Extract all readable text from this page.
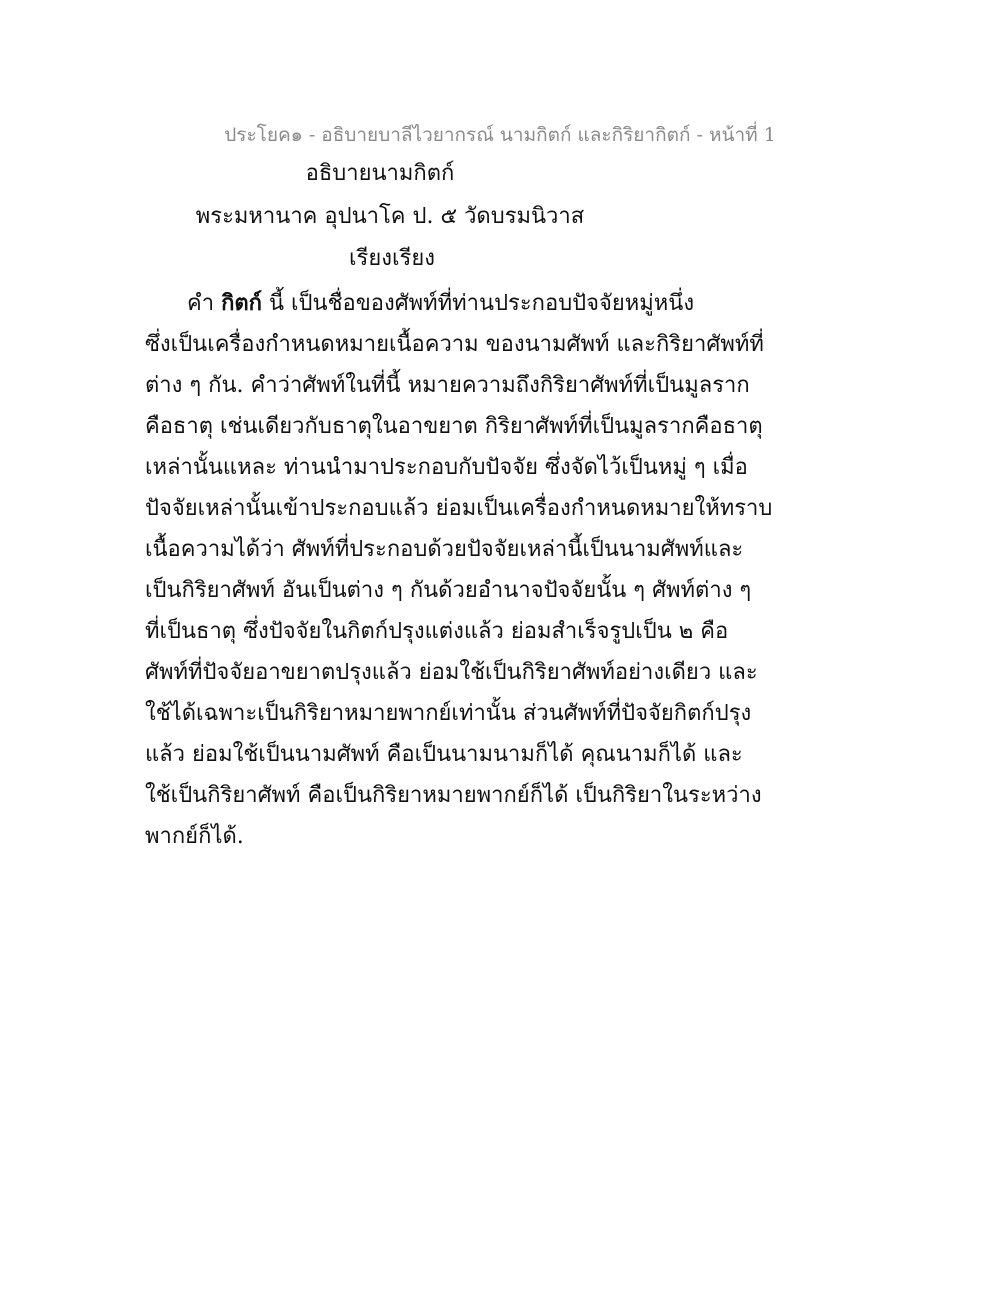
ประโยค๑ - อธิบายบาลีไวยากรณ์ นามกิตก์ และกิริยากิตก์ - หน้าที่ 1
อธิบายนามกิตก์
พระมหานาค อุปนาโค ป. ๕ วัดบรมนิวาส
เรียงเรียง
คำ กิตก์ นี้ เป็นชื่อของศัพท์ที่ท่านประกอบปัจจัยหมู่หนึ่ง
ซึ่งเป็นเครื่องกำหนดหมายเนื้อความ ของนามศัพท์ และกิริยาศัพท์ที่
ต่าง ๆ กัน. คำว่าศัพท์ในที่นี้ หมายความถึงกิริยาศัพท์ที่เป็นมูลราก
คือธาตุ เช่นเดียวกับธาตุในอาขยาต กิริยาศัพท์ที่เป็นมูลรากคือธาตุ
เหล่านั้นแหละ ท่านนำมาประกอบกับปัจจัย ซึ่งจัดไว้เป็นหมู่ ๆ เมื่อ
ปัจจัยเหล่านั้นเข้าประกอบแล้ว ย่อมเป็นเครื่องกำหนดหมายให้ทราบ
เนื้อความได้ว่า ศัพท์ที่ประกอบด้วยปัจจัยเหล่านี้เป็นนามศัพท์และ
เป็นกิริยาศัพท์ อันเป็นต่าง ๆ กันด้วยอำนาจปัจจัยนั้น ๆ ศัพท์ต่าง ๆ
ที่เป็นธาตุ ซึ่งปัจจัยในกิตก์ปรุงแต่งแล้ว ย่อมสำเร็จรูปเป็น ๒ คือ
ศัพท์ที่ปัจจัยอาขยาตปรุงแล้ว ย่อมใช้เป็นกิริยาศัพท์อย่างเดียว และ
ใช้ได้เฉพาะเป็นกิริยาหมายพากย์เท่านั้น ส่วนศัพท์ที่ปัจจัยกิตก์ปรุง
แล้ว ย่อมใช้เป็นนามศัพท์ คือเป็นนามนามก็ได้ คุณนามก็ได้ และ
ใช้เป็นกิริยาศัพท์ คือเป็นกิริยาหมายพากย์ก็ได้ เป็นกิริยาในระหว่าง
พากย์ก็ได้.
